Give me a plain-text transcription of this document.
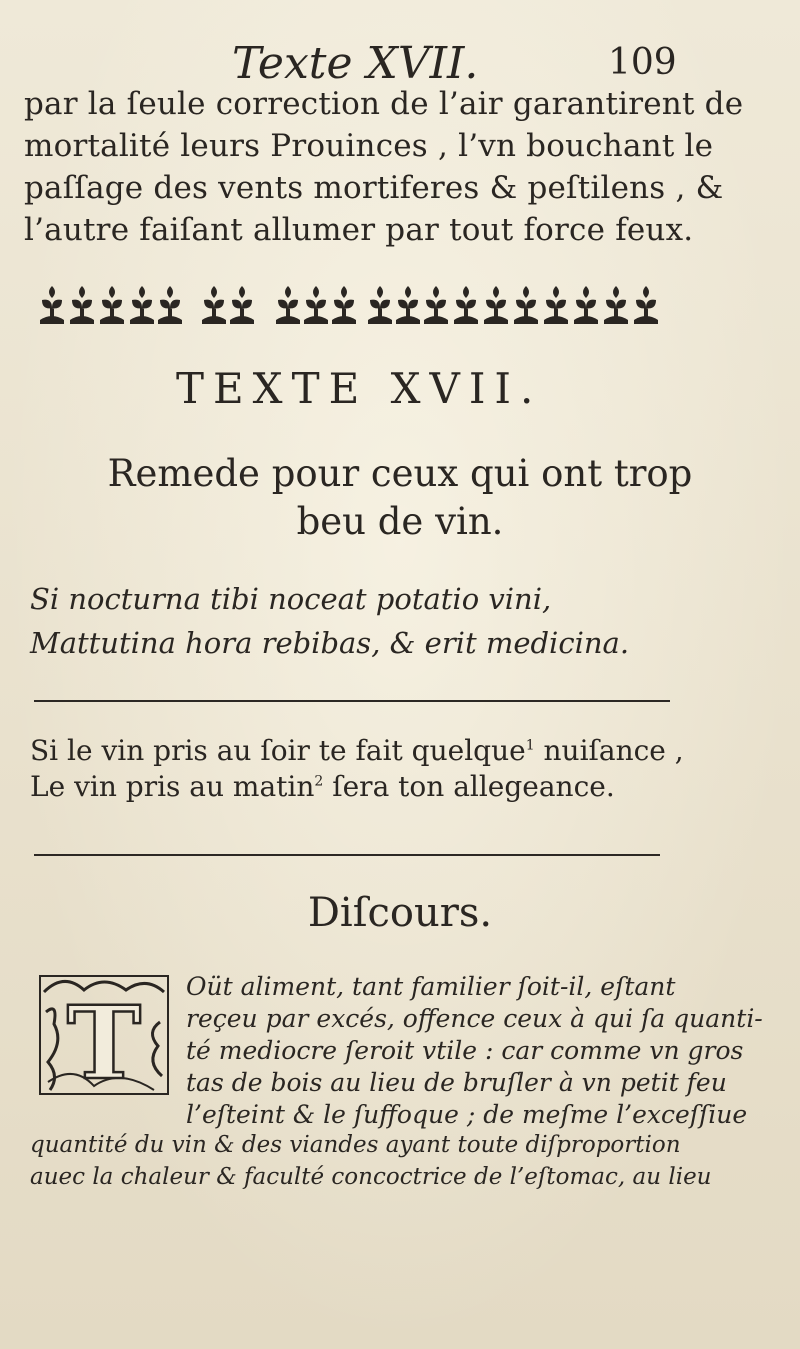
Texte XVII.	109
par la ſeule correction de l’air garantirent de
mortalité leurs Prouinces , l’vn bouchant le
paſſage des vents mortiferes & peſtilens , &
l’autre faiſant allumer par tout force feux.
TEXTE XVII.
Remede pour ceux qui ont trop
beu de vin.
Si nocturna tibi noceat potatio vini,
Mattutina hora rebibas, & erit medicina.
Si le vin pris au ſoir te fait quelque$^1$ nuiſance ,
Le vin pris au matin$^2$ ſera ton allegeance.
Diſcours.
T Oüt aliment, tant familier ſoit-il, eſtant
reçeu par excés, offence ceux à qui ſa quanti-
té mediocre ſeroit vtile : car comme vn gros
tas de bois au lieu de bruſler à vn petit feu
l’eſteint & le ſuffoque ; de meſme l’exceſſiue
quantité du vin & des viandes ayant toute diſproportion
auec la chaleur & faculté concoctrice de l’eſtomac, au lieu
